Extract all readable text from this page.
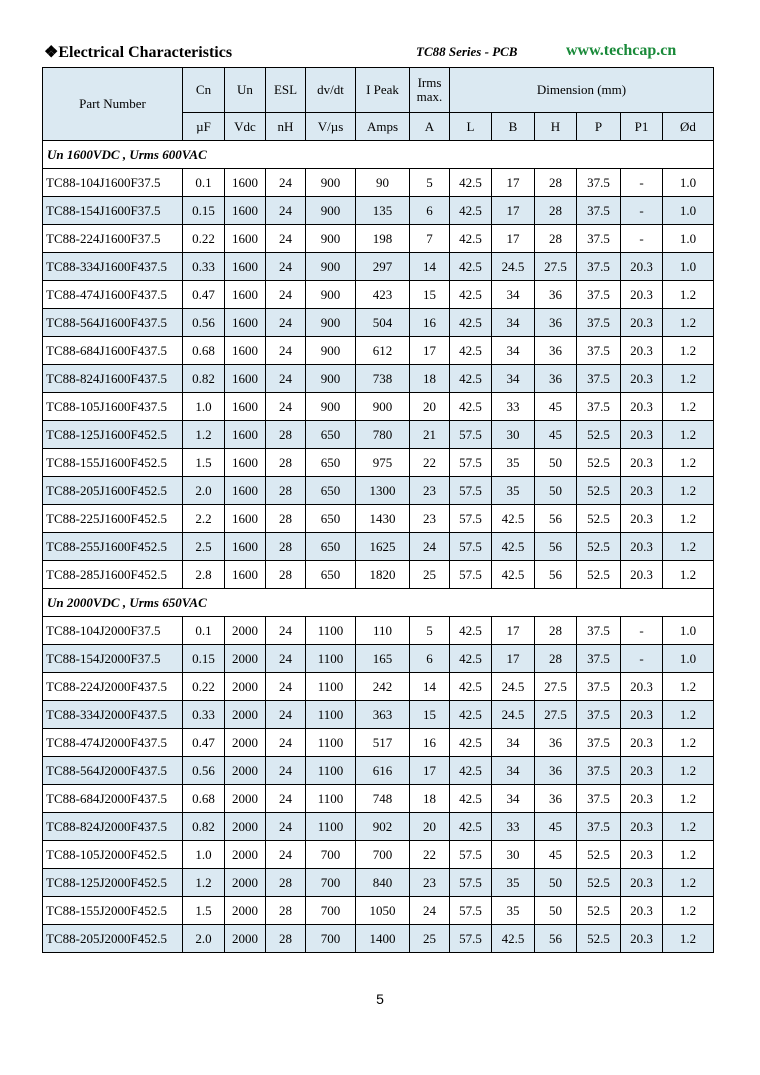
❖Electrical Characteristics	TC88 Series - PCB	www.techcap.cn
Part Number	Cn	Un	ESL	dv/dt	I Peak	Irms max.	Dimension (mm)					
	µF	Vdc	nH	V/µs	Amps	A	L	B	H	P	P1	Ød
Un 1600VDC , Urms 600VAC												
TC88-104J1600F37.5	0.1	1600	24	900	90	5	42.5	17	28	37.5	-	1.0
TC88-154J1600F37.5	0.15	1600	24	900	135	6	42.5	17	28	37.5	-	1.0
TC88-224J1600F37.5	0.22	1600	24	900	198	7	42.5	17	28	37.5	-	1.0
TC88-334J1600F437.5	0.33	1600	24	900	297	14	42.5	24.5	27.5	37.5	20.3	1.0
TC88-474J1600F437.5	0.47	1600	24	900	423	15	42.5	34	36	37.5	20.3	1.2
TC88-564J1600F437.5	0.56	1600	24	900	504	16	42.5	34	36	37.5	20.3	1.2
TC88-684J1600F437.5	0.68	1600	24	900	612	17	42.5	34	36	37.5	20.3	1.2
TC88-824J1600F437.5	0.82	1600	24	900	738	18	42.5	34	36	37.5	20.3	1.2
TC88-105J1600F437.5	1.0	1600	24	900	900	20	42.5	33	45	37.5	20.3	1.2
TC88-125J1600F452.5	1.2	1600	28	650	780	21	57.5	30	45	52.5	20.3	1.2
TC88-155J1600F452.5	1.5	1600	28	650	975	22	57.5	35	50	52.5	20.3	1.2
TC88-205J1600F452.5	2.0	1600	28	650	1300	23	57.5	35	50	52.5	20.3	1.2
TC88-225J1600F452.5	2.2	1600	28	650	1430	23	57.5	42.5	56	52.5	20.3	1.2
TC88-255J1600F452.5	2.5	1600	28	650	1625	24	57.5	42.5	56	52.5	20.3	1.2
TC88-285J1600F452.5	2.8	1600	28	650	1820	25	57.5	42.5	56	52.5	20.3	1.2
Un 2000VDC , Urms 650VAC												
TC88-104J2000F37.5	0.1	2000	24	1100	110	5	42.5	17	28	37.5	-	1.0
TC88-154J2000F37.5	0.15	2000	24	1100	165	6	42.5	17	28	37.5	-	1.0
TC88-224J2000F437.5	0.22	2000	24	1100	242	14	42.5	24.5	27.5	37.5	20.3	1.2
TC88-334J2000F437.5	0.33	2000	24	1100	363	15	42.5	24.5	27.5	37.5	20.3	1.2
TC88-474J2000F437.5	0.47	2000	24	1100	517	16	42.5	34	36	37.5	20.3	1.2
TC88-564J2000F437.5	0.56	2000	24	1100	616	17	42.5	34	36	37.5	20.3	1.2
TC88-684J2000F437.5	0.68	2000	24	1100	748	18	42.5	34	36	37.5	20.3	1.2
TC88-824J2000F437.5	0.82	2000	24	1100	902	20	42.5	33	45	37.5	20.3	1.2
TC88-105J2000F452.5	1.0	2000	24	700	700	22	57.5	30	45	52.5	20.3	1.2
TC88-125J2000F452.5	1.2	2000	28	700	840	23	57.5	35	50	52.5	20.3	1.2
TC88-155J2000F452.5	1.5	2000	28	700	1050	24	57.5	35	50	52.5	20.3	1.2
TC88-205J2000F452.5	2.0	2000	28	700	1400	25	57.5	42.5	56	52.5	20.3	1.2
5
